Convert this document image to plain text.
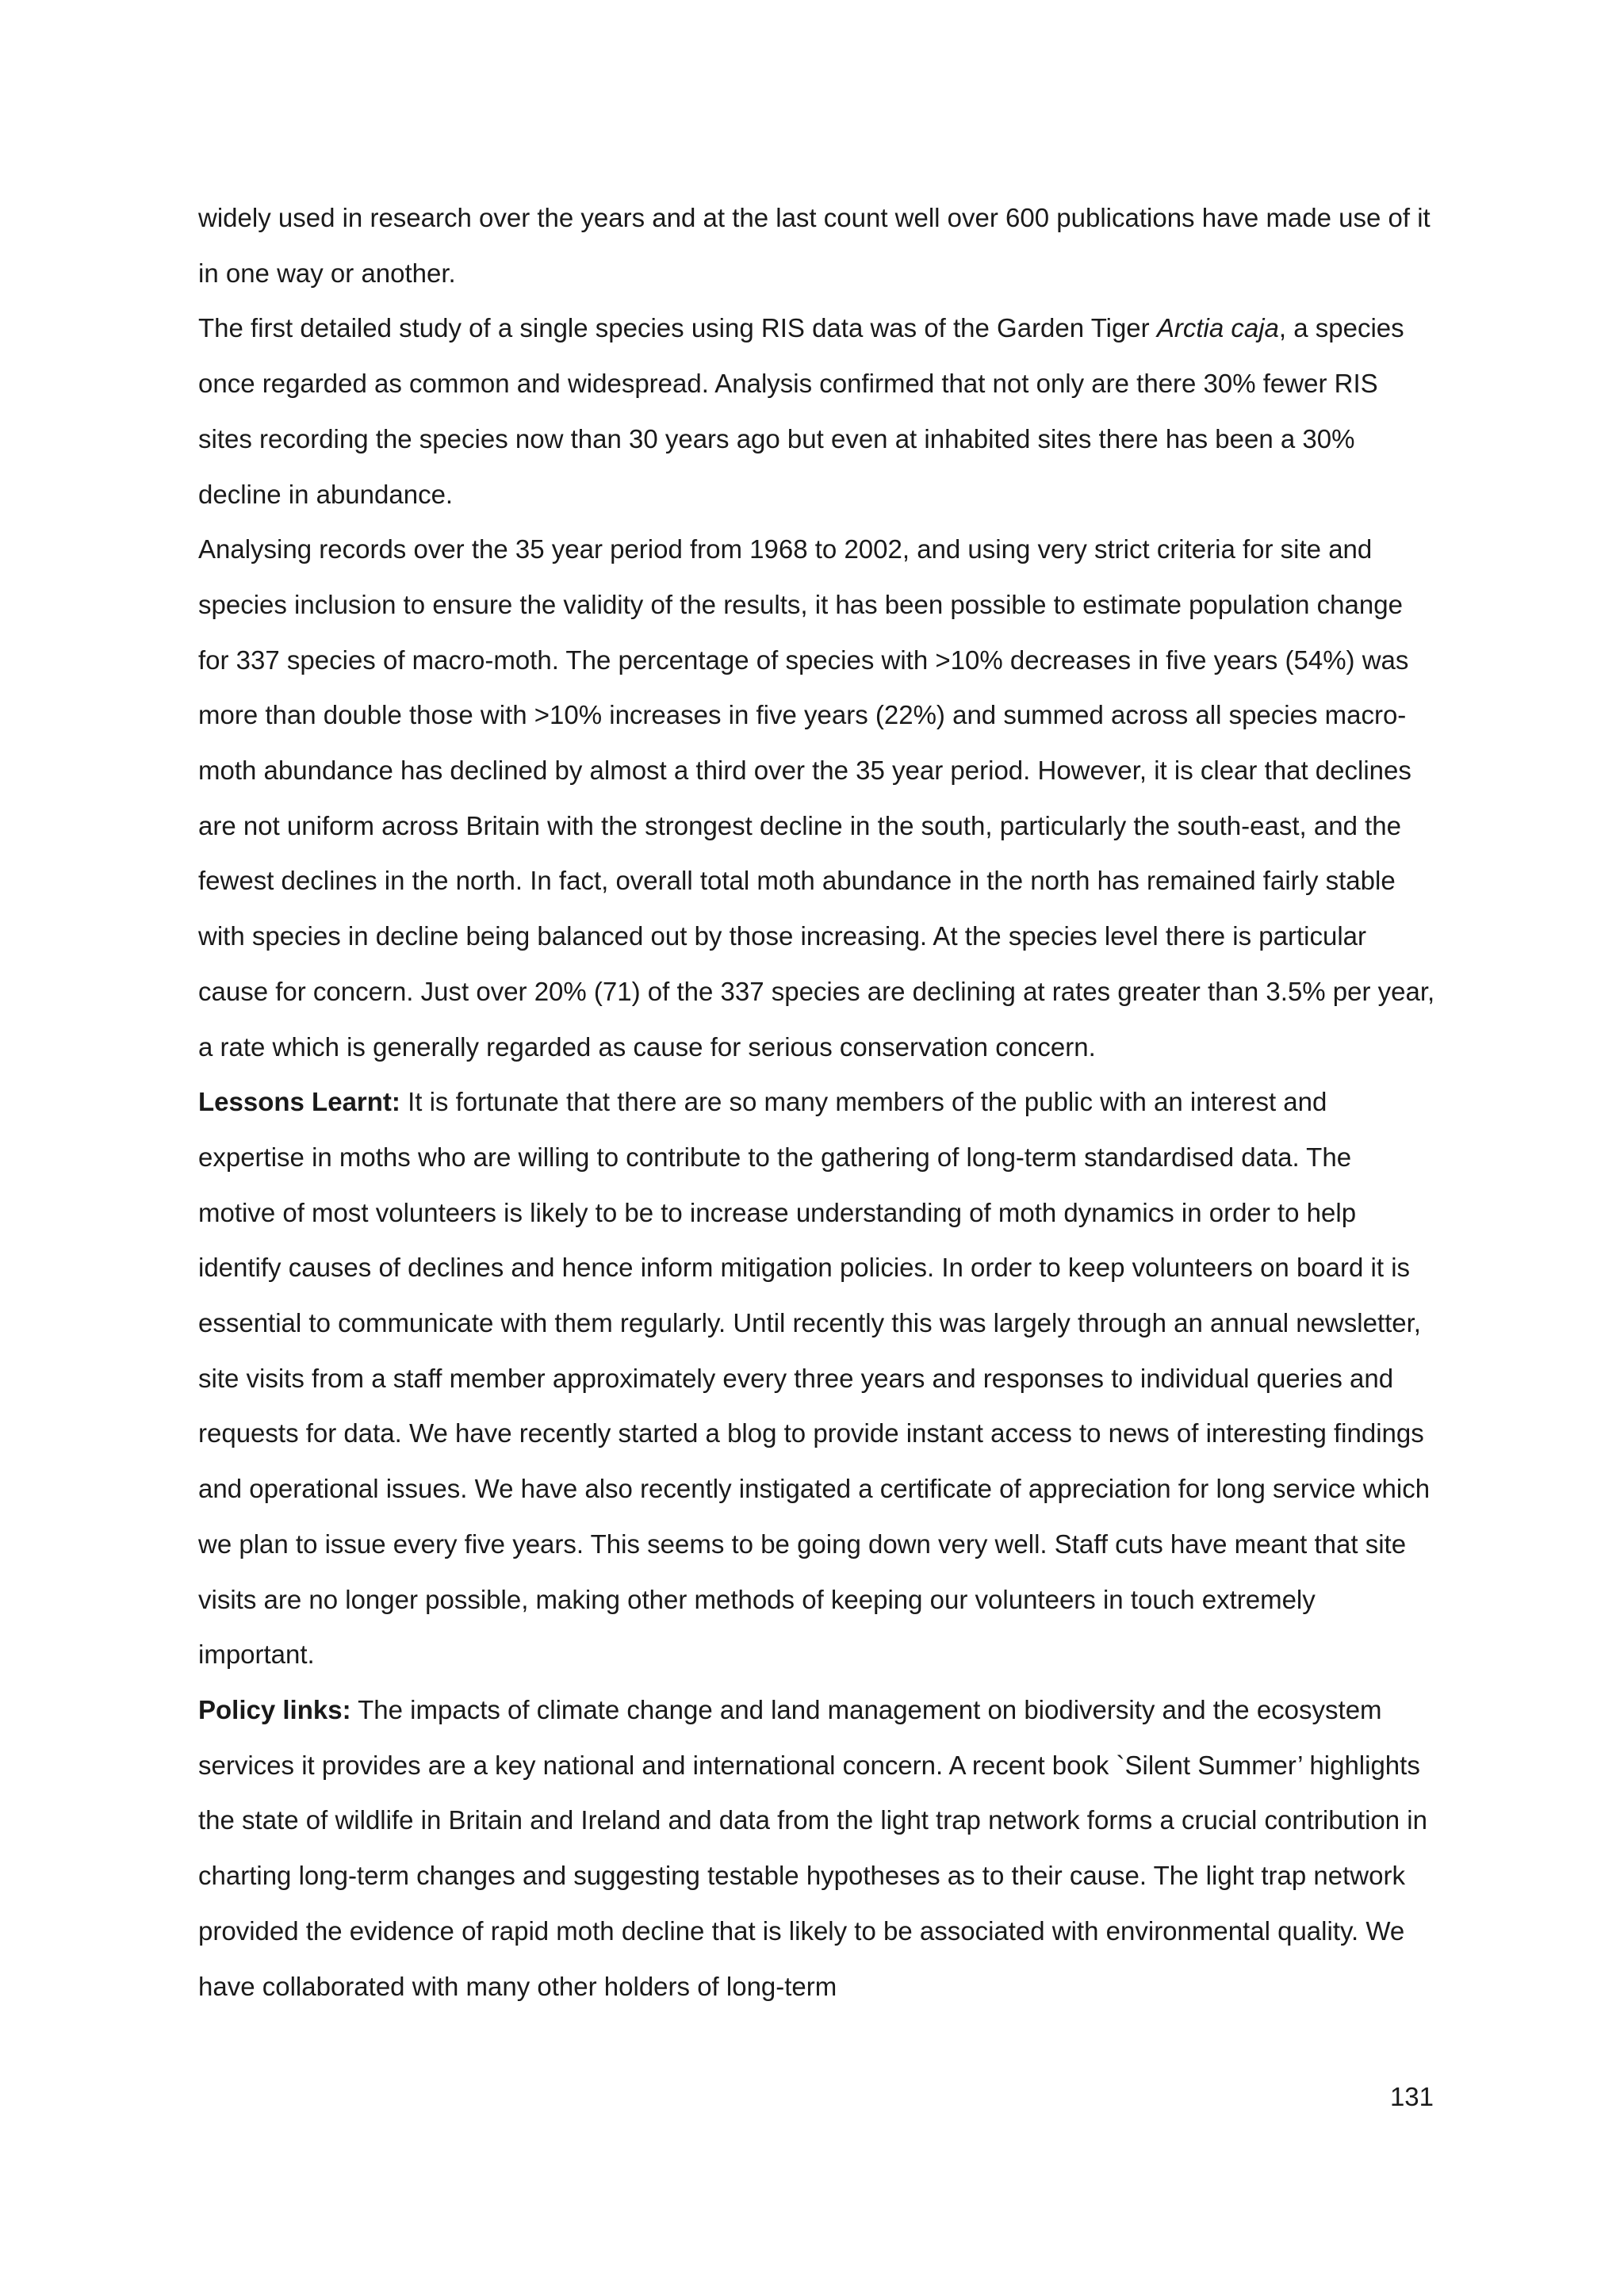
widely used in research over the years and at the last count well over 600 publications have made use of it in one way or another.

The first detailed study of a single species using RIS data was of the Garden Tiger Arctia caja, a species once regarded as common and widespread. Analysis confirmed that not only are there 30% fewer RIS sites recording the species now than 30 years ago but even at inhabited sites there has been a 30% decline in abundance.

Analysing records over the 35 year period from 1968 to 2002, and using very strict criteria for site and species inclusion to ensure the validity of the results, it has been possible to estimate population change for 337 species of macro-moth. The percentage of species with >10% decreases in five years (54%) was more than double those with >10% increases in five years (22%) and summed across all species macro-moth abundance has declined by almost a third over the 35 year period. However, it is clear that declines are not uniform across Britain with the strongest decline in the south, particularly the south-east, and the fewest declines in the north. In fact, overall total moth abundance in the north has remained fairly stable with species in decline being balanced out by those increasing. At the species level there is particular cause for concern. Just over 20% (71) of the 337 species are declining at rates greater than 3.5% per year, a rate which is generally regarded as cause for serious conservation concern.

Lessons Learnt: It is fortunate that there are so many members of the public with an interest and expertise in moths who are willing to contribute to the gathering of long-term standardised data. The motive of most volunteers is likely to be to increase understanding of moth dynamics in order to help identify causes of declines and hence inform mitigation policies. In order to keep volunteers on board it is essential to communicate with them regularly. Until recently this was largely through an annual newsletter, site visits from a staff member approximately every three years and responses to individual queries and requests for data. We have recently started a blog to provide instant access to news of interesting findings and operational issues. We have also recently instigated a certificate of appreciation for long service which we plan to issue every five years. This seems to be going down very well. Staff cuts have meant that site visits are no longer possible, making other methods of keeping our volunteers in touch extremely important.

Policy links: The impacts of climate change and land management on biodiversity and the ecosystem services it provides are a key national and international concern. A recent book `Silent Summer’ highlights the state of wildlife in Britain and Ireland and data from the light trap network forms a crucial contribution in charting long-term changes and suggesting testable hypotheses as to their cause. The light trap network provided the evidence of rapid moth decline that is likely to be associated with environmental quality. We have collaborated with many other holders of long-term

131
